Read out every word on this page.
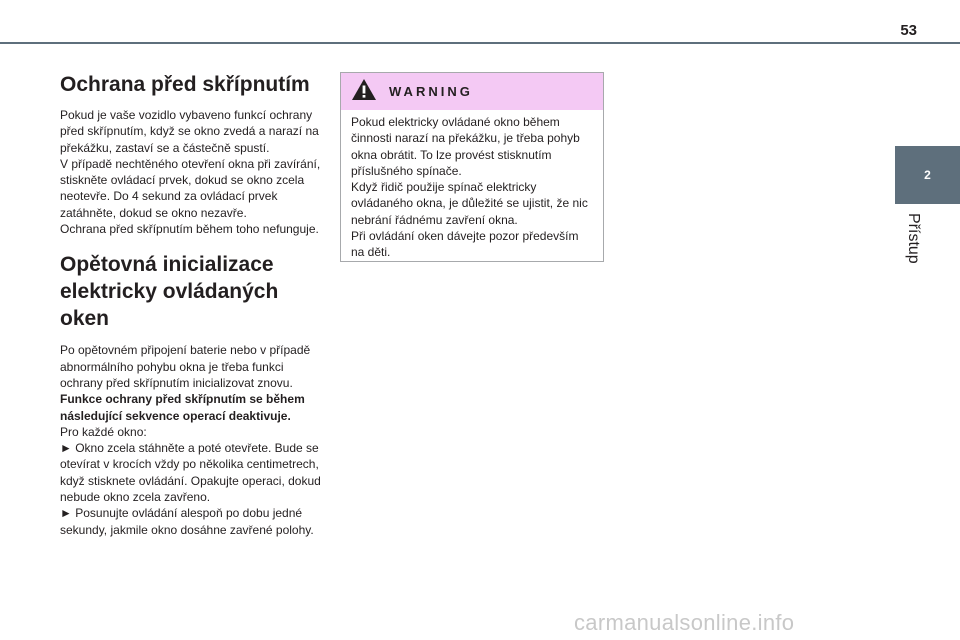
53
2
Přístup
Ochrana před skřípnutím

Pokud je vaše vozidlo vybaveno funkcí ochrany
před skřípnutím, když se okno zvedá a narazí na
překážku, zastaví se a částečně spustí.
V případě nechtěného otevření okna při zavírání,
stiskněte ovládací prvek, dokud se okno zcela
neotevře. Do 4 sekund za ovládací prvek
zatáhněte, dokud se okno nezavře.
Ochrana před skřípnutím během toho nefunguje.

Opětovná inicializace
elektricky ovládaných oken

Po opětovném připojení baterie nebo v případě
abnormálního pohybu okna je třeba funkci
ochrany před skřípnutím inicializovat znovu.

Funkce ochrany před skřípnutím se během
následující sekvence operací deaktivuje.

Pro každé okno:
► Okno zcela stáhněte a poté otevřete. Bude se
otevírat v krocích vždy po několika centimetrech,
když stisknete ovládání. Opakujte operaci, dokud
nebude okno zcela zavřeno.
► Posunujte ovládání alespoň po dobu jedné
sekundy, jakmile okno dosáhne zavřené polohy.

WARNING

Pokud elektricky ovládané okno během
činnosti narazí na překážku, je třeba pohyb
okna obrátit. To lze provést stisknutím
příslušného spínače.
Když řidič použije spínač elektricky
ovládaného okna, je důležité se ujistit, že nic
nebrání řádnému zavření okna.
Při ovládání oken dávejte pozor především
na děti.

carmanualsonline.info
